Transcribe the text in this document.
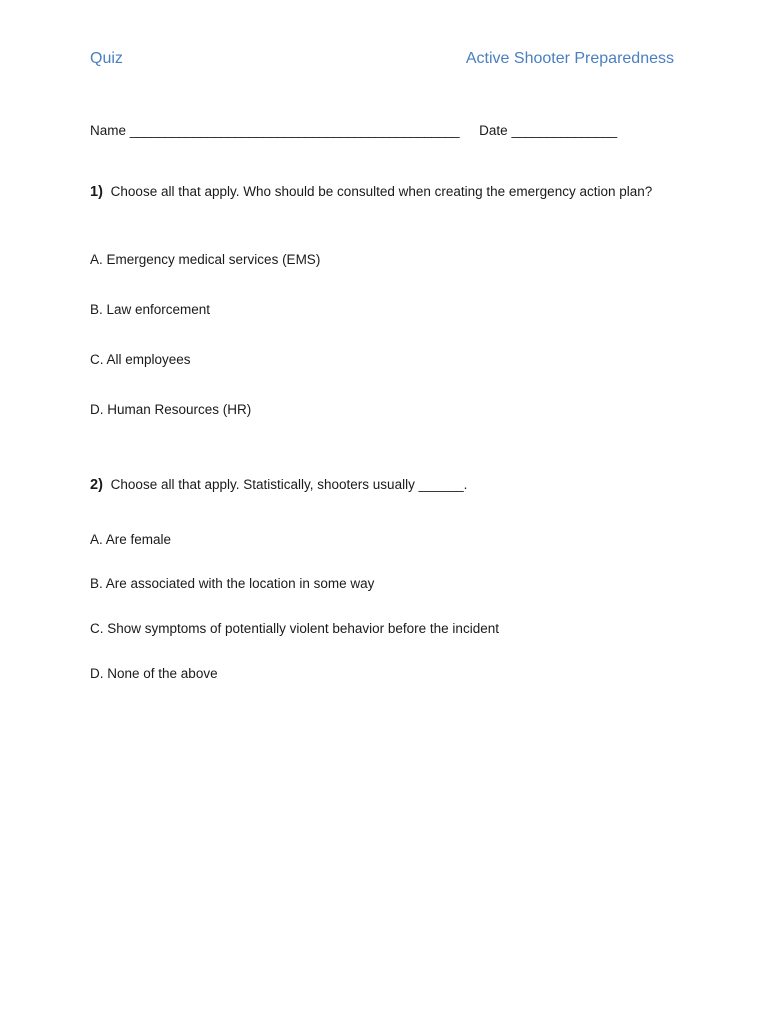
Quiz	Active Shooter Preparedness
Name _______________________________________________ Date _______________
1) Choose all that apply. Who should be consulted when creating the emergency action plan?
A. Emergency medical services (EMS)
B. Law enforcement
C. All employees
D. Human Resources (HR)
2) Choose all that apply. Statistically, shooters usually ______.
A. Are female
B. Are associated with the location in some way
C. Show symptoms of potentially violent behavior before the incident
D. None of the above
